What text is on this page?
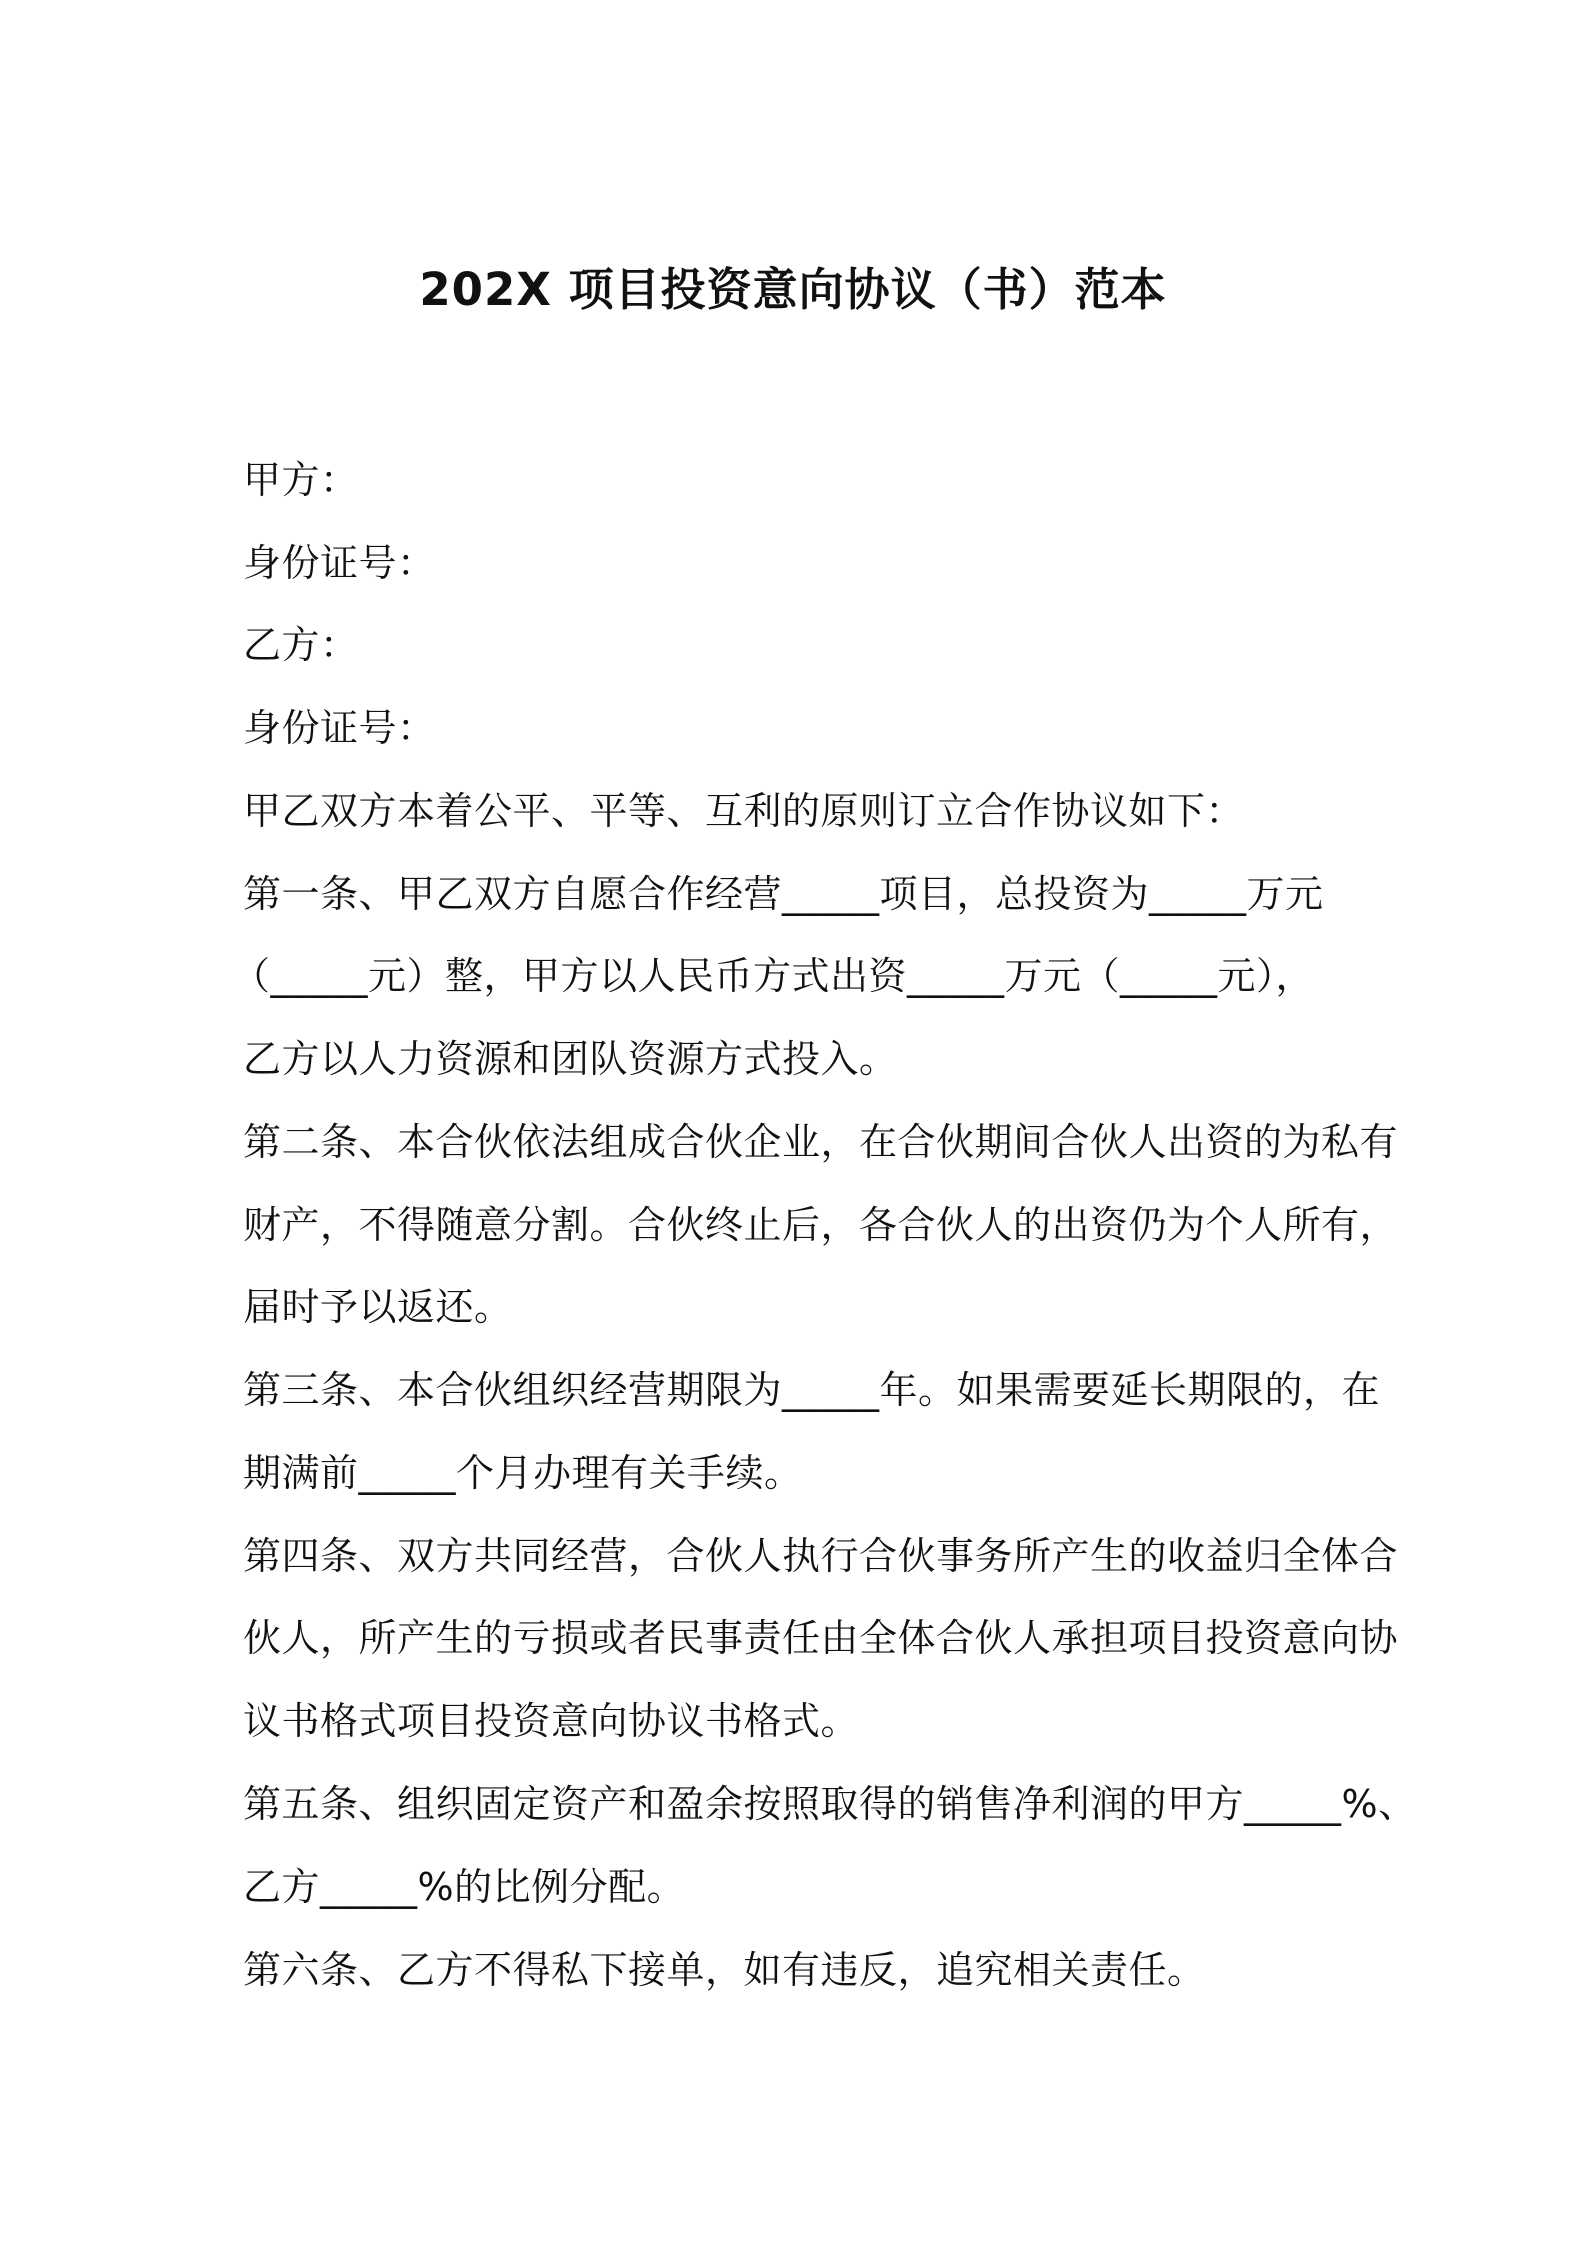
202X 项目投资意向协议（书）范本
甲方：
身份证号：
乙方：
身份证号：
甲乙双方本着公平、平等、互利的原则订立合作协议如下：
第一条、甲乙双方自愿合作经营_____项目，总投资为_____万元
（_____元）整，甲方以人民币方式出资_____万元（_____元），
乙方以人力资源和团队资源方式投入。
第二条、本合伙依法组成合伙企业，在合伙期间合伙人出资的为私有
财产，不得随意分割。合伙终止后，各合伙人的出资仍为个人所有，
届时予以返还。
第三条、本合伙组织经营期限为_____年。如果需要延长期限的，在
期满前_____个月办理有关手续。
第四条、双方共同经营，合伙人执行合伙事务所产生的收益归全体合
伙人，所产生的亏损或者民事责任由全体合伙人承担项目投资意向协
议书格式项目投资意向协议书格式。
第五条、组织固定资产和盈余按照取得的销售净利润的甲方_____%、
乙方_____%的比例分配。
第六条、乙方不得私下接单，如有违反，追究相关责任。
